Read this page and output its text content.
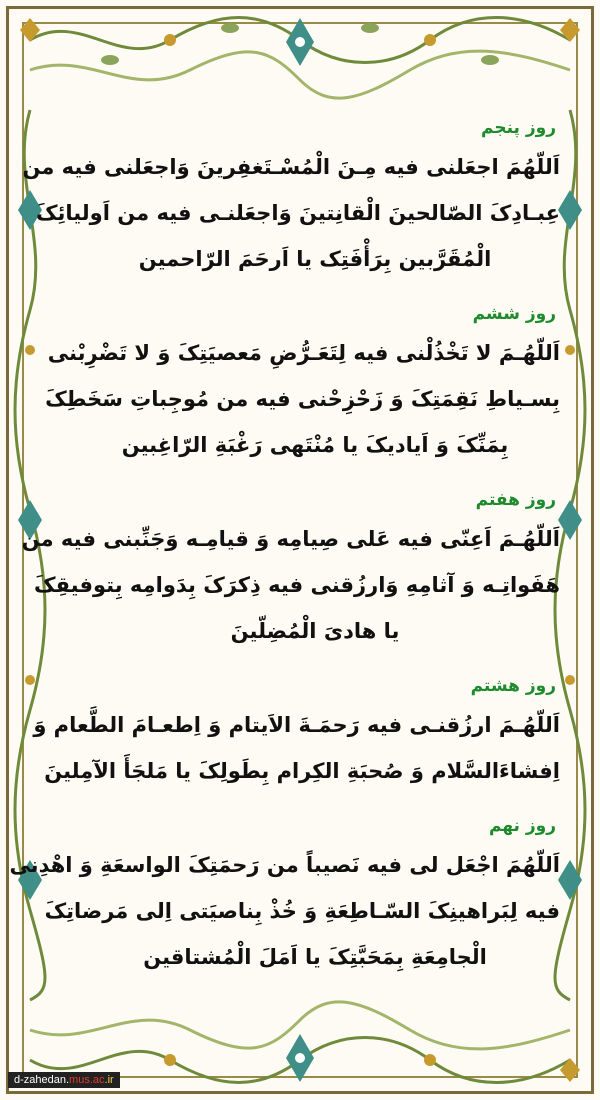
روز پنجم
اَللّهُمَ اجعَلنی فیه مِـنَ الْمُسْـتَغفِرینَ وَاجعَلنی فیه من
عِبـادِکَ الصّالحینَ الْقانِتینَ وَاجعَلنـی فیه من اَولیائِکَ
الْمُقَرَّبین بِرَأْفَتِک یا اَرحَمَ الرّاحمین
روز ششم
اَللّهُـمَ لا تَخْذُلْنی فیه لِتَعَـرُّضِ مَعصیَتِکَ وَ لا تَضْرِبْنی
بِسـیاطِ نَقِمَتِکَ وَ زَحْزِحْنی فیه من مُوجِباتِ سَخَطِکَ
بِمَنِّکَ وَ اَیادیکَ یا مُنْتَهی رَغْبَةِ الرّاغِبین
روز هفتم
اَللّهُـمَ اَعِنّی فیه عَلی صِیامِه وَ قیامِـه وَجَنِّبنی فیه من
هَفَواتِـه وَ آثامِهِ وَارزُقنی فیه ذِکرَکَ بِدَوامِه بِتوفیقِکَ
یا هادیَ الْمُضِلّینَ
روز هشتم
اَللّهُـمَ ارزُقنـی فیه رَحمَـةَ الاَیتام وَ اِطعـامَ الطَّعام وَ
اِفشاءَالسَّلام وَ صُحبَةِ الکِرام بِطَولِکَ یا مَلجَأَ الآمِلینَ
روز نهم
اَللّهُمَ اجْعَل لی فیه نَصیباً من رَحمَتِکَ الواسعَةِ وَ اهْدِنی
فیه لِبَراهینِکَ السّـاطِعَةِ وَ خُذْ بِناصیَتی اِلی مَرضاتِکَ
الْجامِعَةِ بِمَحَبَّتِکَ یا اَمَلَ الْمُشتاقین
d-zahedan.mus.ac.ir
